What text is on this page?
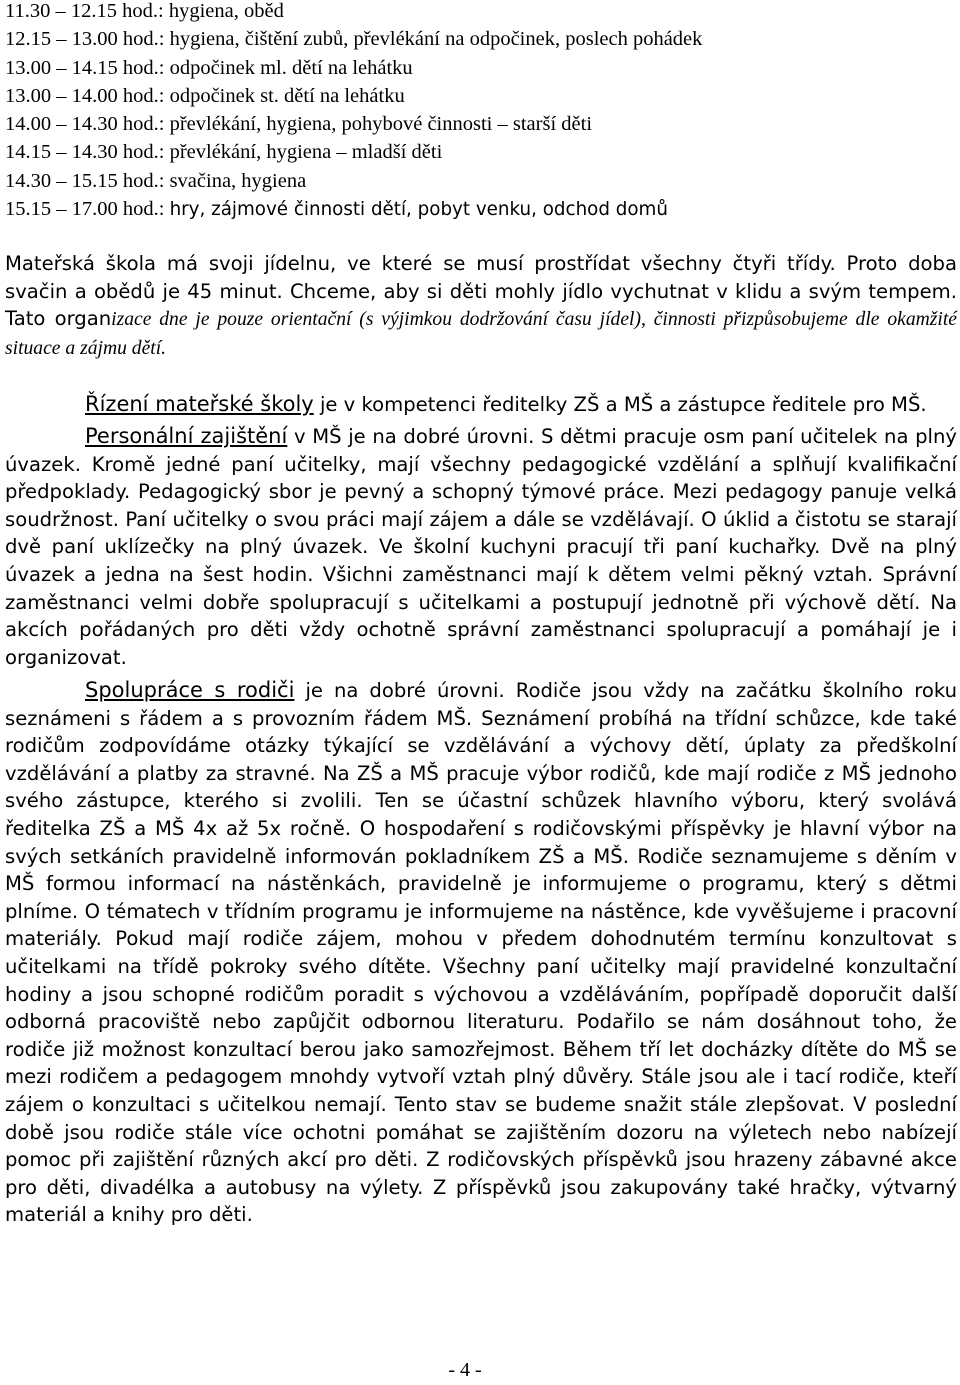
11.30 – 12.15 hod.: hygiena, oběd
12.15 – 13.00 hod.: hygiena, čištění zubů, převlékání na odpočinek, poslech pohádek
13.00 – 14.15 hod.: odpočinek ml. dětí na lehátku
13.00 – 14.00 hod.: odpočinek st. dětí na lehátku
14.00 – 14.30 hod.: převlékání, hygiena, pohybové činnosti – starší děti
14.15 – 14.30 hod.: převlékání, hygiena – mladší děti
14.30 – 15.15 hod.: svačina, hygiena
15.15 – 17.00 hod.: hry, zájmové činnosti dětí, pobyt venku, odchod domů
Mateřská škola má svoji jídelnu, ve které se musí prostřídat všechny čtyři třídy. Proto doba svačin a obědů je 45 minut. Chceme, aby si děti mohly jídlo vychutnat v klidu a svým tempem. Tato organizace dne je pouze orientační (s výjimkou dodržování času jídel), činnosti přizpůsobujeme dle okamžité situace a zájmu dětí.
Řízení mateřské školy je v kompetenci ředitelky ZŠ a MŠ a zástupce ředitele pro MŠ.
Personální zajištění v MŠ je na dobré úrovni. S dětmi pracuje osm paní učitelek na plný úvazek. Kromě jedné paní učitelky, mají všechny pedagogické vzdělání a splňují kvalifikační předpoklady. Pedagogický sbor je pevný a schopný týmové práce. Mezi pedagogy panuje velká soudržnost. Paní učitelky o svou práci mají zájem a dále se vzdělávají. O úklid a čistotu se starají dvě paní uklízečky na plný úvazek. Ve školní kuchyni pracují tři paní kuchařky. Dvě na plný úvazek a jedna na šest hodin. Všichni zaměstnanci mají k dětem velmi pěkný vztah. Správní zaměstnanci velmi dobře spolupracují s učitelkami a postupují jednotně při výchově dětí. Na akcích pořádaných pro děti vždy ochotně správní zaměstnanci spolupracují a pomáhají je i organizovat.
Spolupráce s rodiči je na dobré úrovni. Rodiče jsou vždy na začátku školního roku seznámeni s řádem a s provozním řádem MŠ. Seznámení probíhá na třídní schůzce, kde také rodičům zodpovídáme otázky týkající se vzdělávání a výchovy dětí, úplaty za předškolní vzdělávání a platby za stravné. Na ZŠ a MŠ pracuje výbor rodičů, kde mají rodiče z MŠ jednoho svého zástupce, kterého si zvolili. Ten se účastní schůzek hlavního výboru, který svolává ředitelka ZŠ a MŠ 4x až 5x ročně. O hospodaření s rodičovskými příspěvky je hlavní výbor na svých setkáních pravidelně informován pokladníkem ZŠ a MŠ. Rodiče seznamujeme s děním v MŠ formou informací na nástěnkách, pravidelně je informujeme o programu, který s dětmi plníme. O tématech v třídním programu je informujeme na nástěnce, kde vyvěšujeme i pracovní materiály. Pokud mají rodiče zájem, mohou v předem dohodnutém termínu konzultovat s učitelkami na třídě pokroky svého dítěte. Všechny paní učitelky mají pravidelné konzultační hodiny a jsou schopné rodičům poradit s výchovou a vzděláváním, popřípadě doporučit další odborná pracoviště nebo zapůjčit odbornou literaturu. Podařilo se nám dosáhnout toho, že rodiče již možnost konzultací berou jako samozřejmost. Během tří let docházky dítěte do MŠ se mezi rodičem a pedagogem mnohdy vytvoří vztah plný důvěry. Stále jsou ale i tací rodiče, kteří zájem o konzultaci s učitelkou nemají. Tento stav se budeme snažit stále zlepšovat. V poslední době jsou rodiče stále více ochotni pomáhat se zajištěním dozoru na výletech nebo nabízejí pomoc při zajištění různých akcí pro děti. Z rodičovských příspěvků jsou hrazeny zábavné akce pro děti, divadélka a autobusy na výlety. Z příspěvků jsou zakupovány také hračky, výtvarný materiál a knihy pro děti.
- 4 -
